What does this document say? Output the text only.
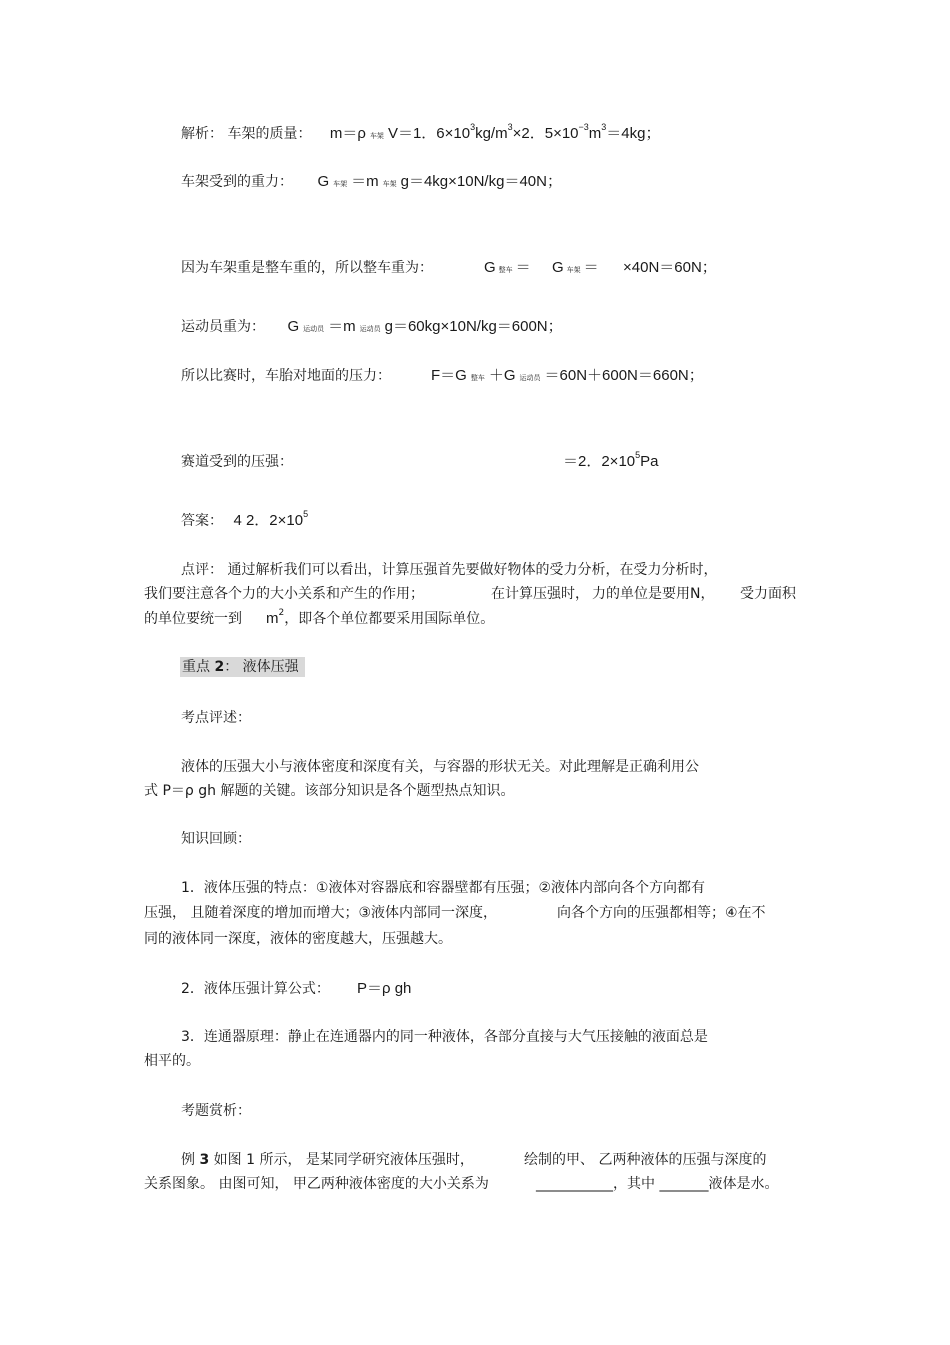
解析： 车架的质量： m＝ρ 车架 V＝1．$6\times 10^3kg/m^3\times 2$．$5\times 10^{-3}m^3=4kg$；
车架受到的重力： G 车架 ＝m 车架 g＝4kg×10N/kg＝40N；
因为车架重是整车重的，所以整车重为：	G整车 ＝ G车架 ＝ ×40N＝60N；
运动员重为： G 运动员 ＝m 运动员 g＝60kg×10N/kg＝600N；
所以比赛时，车胎对地面的压力：	F＝G 整车 ＋G 运动员 ＝60N＋600N＝660N；
赛道受到的压强：	＝2．$2\times 10^5Pa$
答案： 4 2．$2\times 10^5$
点评： 通过解析我们可以看出，计算压强首先要做好物体的受力分析，在受力分析时，
我们要注意各个力的大小关系和产生的作用；	在计算压强时， 力的单位是要用N， 受力面积
的单位要统一到 $m^2$，即各个单位都要采用国际单位。
重点 2： 液体压强
考点评述：
液体的压强大小与液体密度和深度有关，与容器的形状无关。对此理解是正确利用公
式 P＝ρ gh 解题的关键。该部分知识是各个题型热点知识。
知识回顾：
1．液体压强的特点：①液体对容器底和容器壁都有压强；②液体内部向各个方向都有
压强， 且随着深度的增加而增大；③液体内部同一深度，	向各个方向的压强都相等；④在不
同的液体同一深度，液体的密度越大，压强越大。
2．液体压强计算公式： P＝ρ gh
3．连通器原理：静止在连通器内的同一种液体，各部分直接与大气压接触的液面总是
相平的。
考题赏析：
例 3 如图 1 所示， 是某同学研究液体压强时，	绘制的甲、 乙两种液体的压强与深度的
关系图象。 由图可知， 甲乙两种液体密度的大小关系为	___________，其中 _______液体是水。
